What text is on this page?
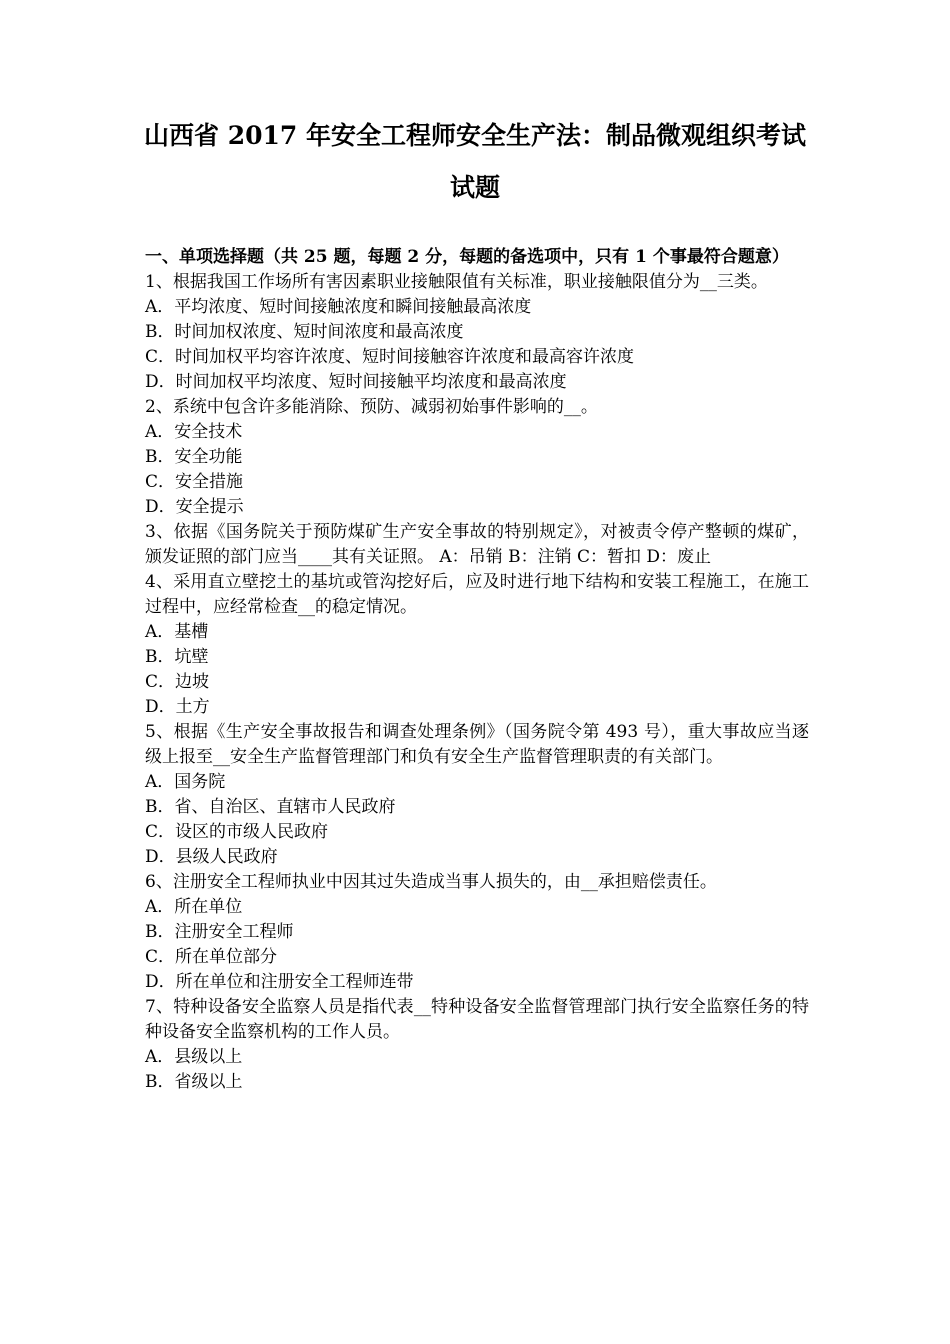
山西省 2017 年安全工程师安全生产法：制品微观组织考试
试题

一、单项选择题（共 25 题，每题 2 分，每题的备选项中，只有 1 个事最符合题意）

1、根据我国工作场所有害因素职业接触限值有关标准，职业接触限值分为__三类。

A．平均浓度、短时间接触浓度和瞬间接触最高浓度

B．时间加权浓度、短时间浓度和最高浓度

C．时间加权平均容许浓度、短时间接触容许浓度和最高容许浓度

D．时间加权平均浓度、短时间接触平均浓度和最高浓度

2、系统中包含许多能消除、预防、减弱初始事件影响的__。

A．安全技术

B．安全功能

C．安全措施

D．安全提示

3、依据《国务院关于预防煤矿生产安全事故的特别规定》，对被责令停产整顿的煤矿，颁发证照的部门应当____其有关证照。 A：吊销 B：注销 C：暂扣 D：废止

4、采用直立壁挖土的基坑或管沟挖好后，应及时进行地下结构和安装工程施工，在施工过程中，应经常检查__的稳定情况。

A．基槽

B．坑壁

C．边坡

D．土方

5、根据《生产安全事故报告和调查处理条例》（国务院令第 493 号），重大事故应当逐级上报至__安全生产监督管理部门和负有安全生产监督管理职责的有关部门。

A．国务院

B．省、自治区、直辖市人民政府

C．设区的市级人民政府

D．县级人民政府

6、注册安全工程师执业中因其过失造成当事人损失的，由__承担赔偿责任。

A．所在单位

B．注册安全工程师

C．所在单位部分

D．所在单位和注册安全工程师连带

7、特种设备安全监察人员是指代表__特种设备安全监督管理部门执行安全监察任务的特种设备安全监察机构的工作人员。

A．县级以上

B．省级以上
